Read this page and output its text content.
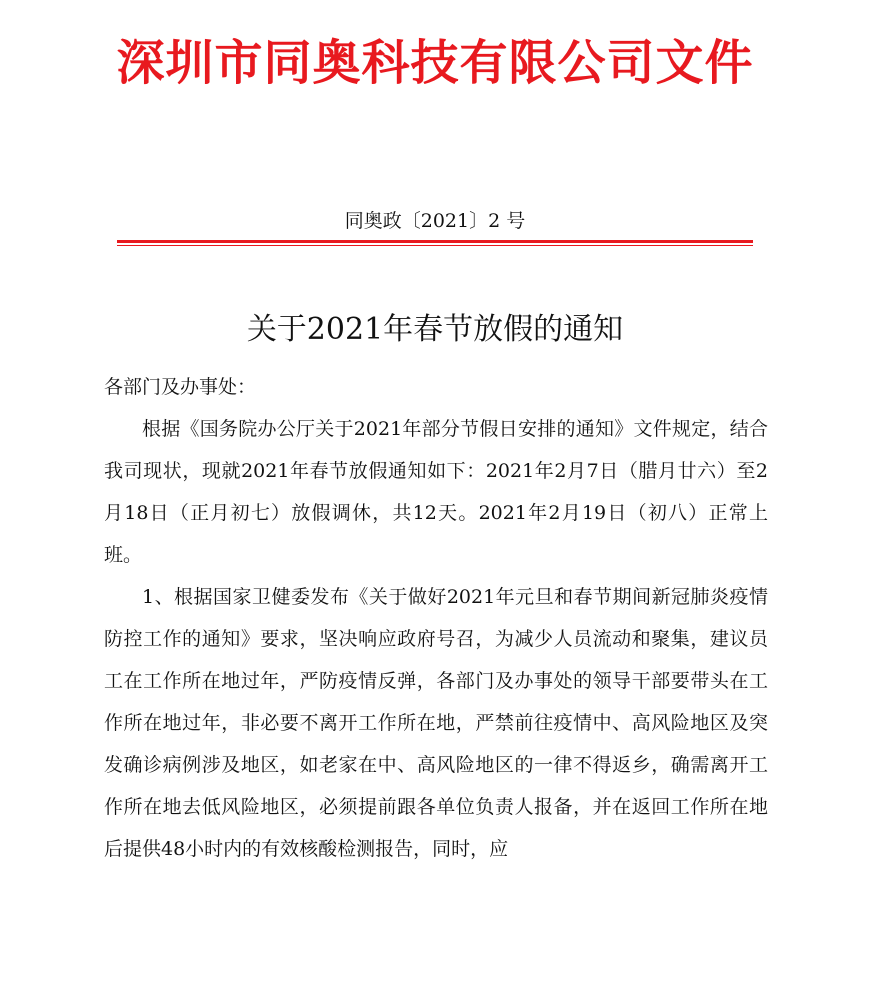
深圳市同奥科技有限公司文件
同奥政〔2021〕2 号
关于2021年春节放假的通知

各部门及办事处：

根据《国务院办公厅关于2021年部分节假日安排的通知》文件规定，结合我司现状，现就2021年春节放假通知如下：2021年2月7日（腊月廿六）至2月18日（正月初七）放假调休，共12天。2021年2月19日（初八）正常上班。

1、根据国家卫健委发布《关于做好2021年元旦和春节期间新冠肺炎疫情防控工作的通知》要求，坚决响应政府号召，为减少人员流动和聚集，建议员工在工作所在地过年，严防疫情反弹，各部门及办事处的领导干部要带头在工作所在地过年，非必要不离开工作所在地，严禁前往疫情中、高风险地区及突发确诊病例涉及地区，如老家在中、高风险地区的一律不得返乡，确需离开工作所在地去低风险地区，必须提前跟各单位负责人报备，并在返回工作所在地后提供48小时内的有效核酸检测报告，同时，应
